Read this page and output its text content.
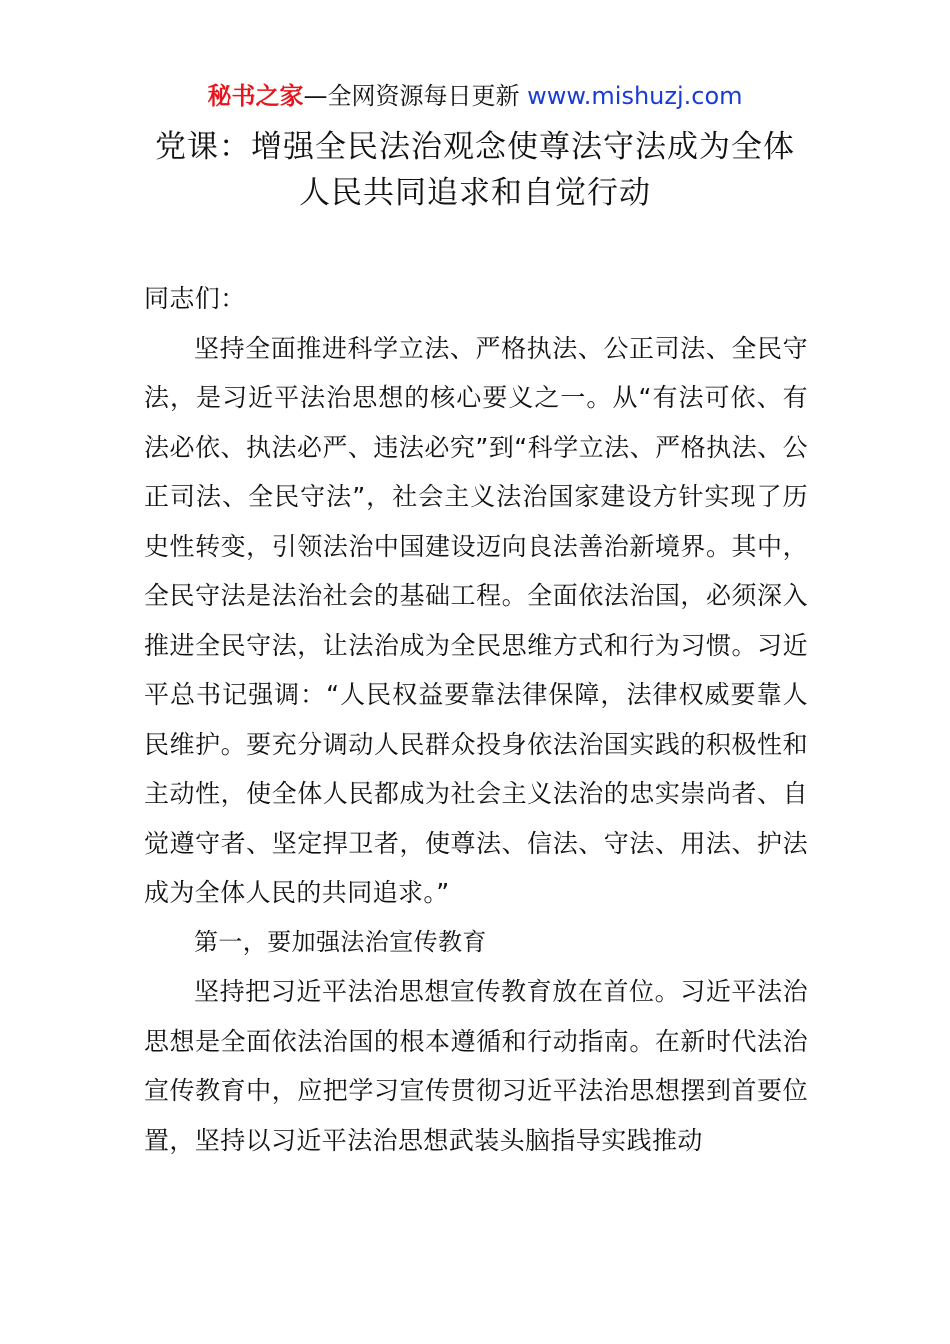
秘书之家—全网资源每日更新 www.mishuzj.com
党课：增强全民法治观念使尊法守法成为全体
人民共同追求和自觉行动

同志们：

坚持全面推进科学立法、严格执法、公正司法、全民守法，是习近平法治思想的核心要义之一。从“有法可依、有法必依、执法必严、违法必究”到“科学立法、严格执法、公正司法、全民守法”，社会主义法治国家建设方针实现了历史性转变，引领法治中国建设迈向良法善治新境界。其中，全民守法是法治社会的基础工程。全面依法治国，必须深入推进全民守法，让法治成为全民思维方式和行为习惯。习近平总书记强调：“人民权益要靠法律保障，法律权威要靠人民维护。要充分调动人民群众投身依法治国实践的积极性和主动性，使全体人民都成为社会主义法治的忠实崇尚者、自觉遵守者、坚定捍卫者，使尊法、信法、守法、用法、护法成为全体人民的共同追求。”

第一，要加强法治宣传教育

坚持把习近平法治思想宣传教育放在首位。习近平法治思想是全面依法治国的根本遵循和行动指南。在新时代法治宣传教育中，应把学习宣传贯彻习近平法治思想摆到首要位置，坚持以习近平法治思想武装头脑指导实践推动
